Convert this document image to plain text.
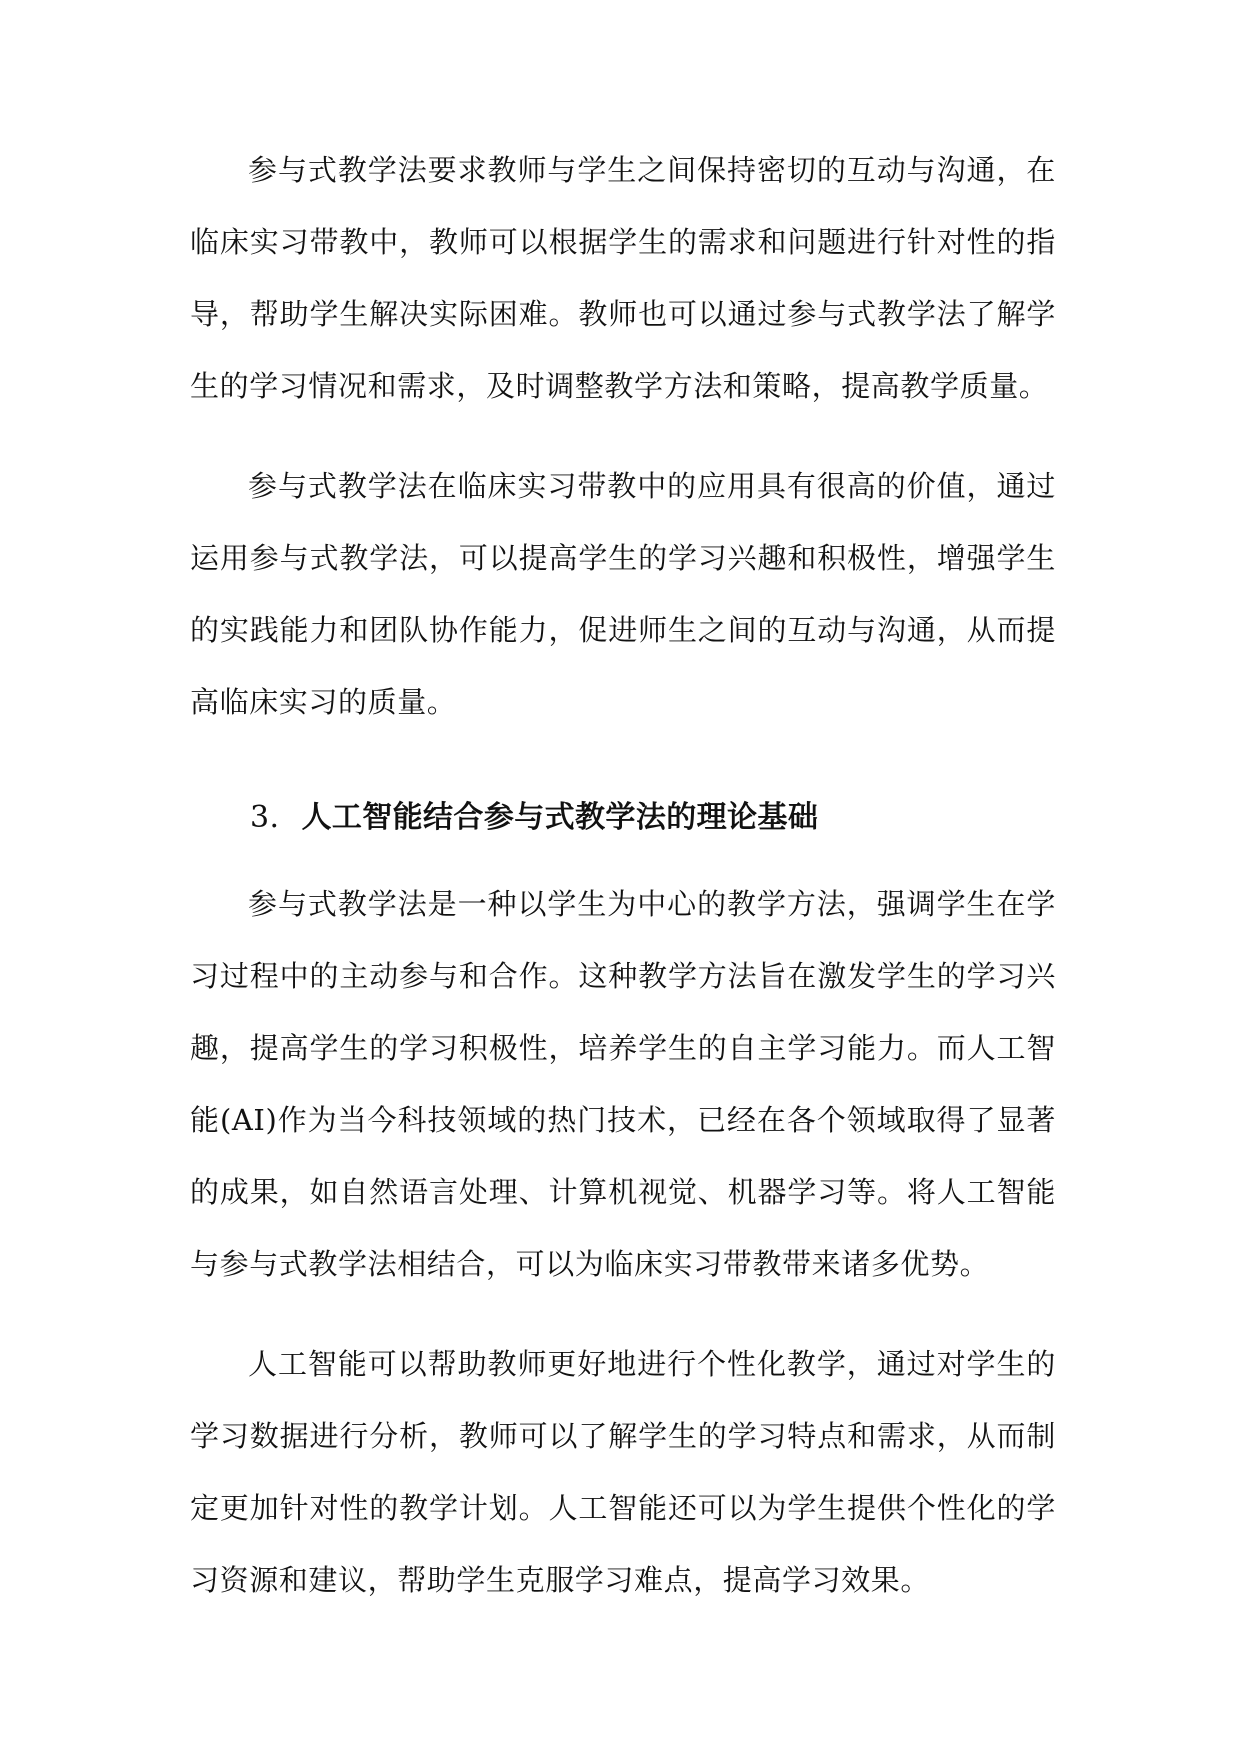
参与式教学法要求教师与学生之间保持密切的互动与沟通，在临床实习带教中，教师可以根据学生的需求和问题进行针对性的指导，帮助学生解决实际困难。教师也可以通过参与式教学法了解学生的学习情况和需求，及时调整教学方法和策略，提高教学质量。

参与式教学法在临床实习带教中的应用具有很高的价值，通过运用参与式教学法，可以提高学生的学习兴趣和积极性，增强学生的实践能力和团队协作能力，促进师生之间的互动与沟通，从而提高临床实习的质量。

3. 人工智能结合参与式教学法的理论基础

参与式教学法是一种以学生为中心的教学方法，强调学生在学习过程中的主动参与和合作。这种教学方法旨在激发学生的学习兴趣，提高学生的学习积极性，培养学生的自主学习能力。而人工智能(AI)作为当今科技领域的热门技术，已经在各个领域取得了显著的成果，如自然语言处理、计算机视觉、机器学习等。将人工智能与参与式教学法相结合，可以为临床实习带教带来诸多优势。

人工智能可以帮助教师更好地进行个性化教学，通过对学生的学习数据进行分析，教师可以了解学生的学习特点和需求，从而制定更加针对性的教学计划。人工智能还可以为学生提供个性化的学习资源和建议，帮助学生克服学习难点，提高学习效果。
